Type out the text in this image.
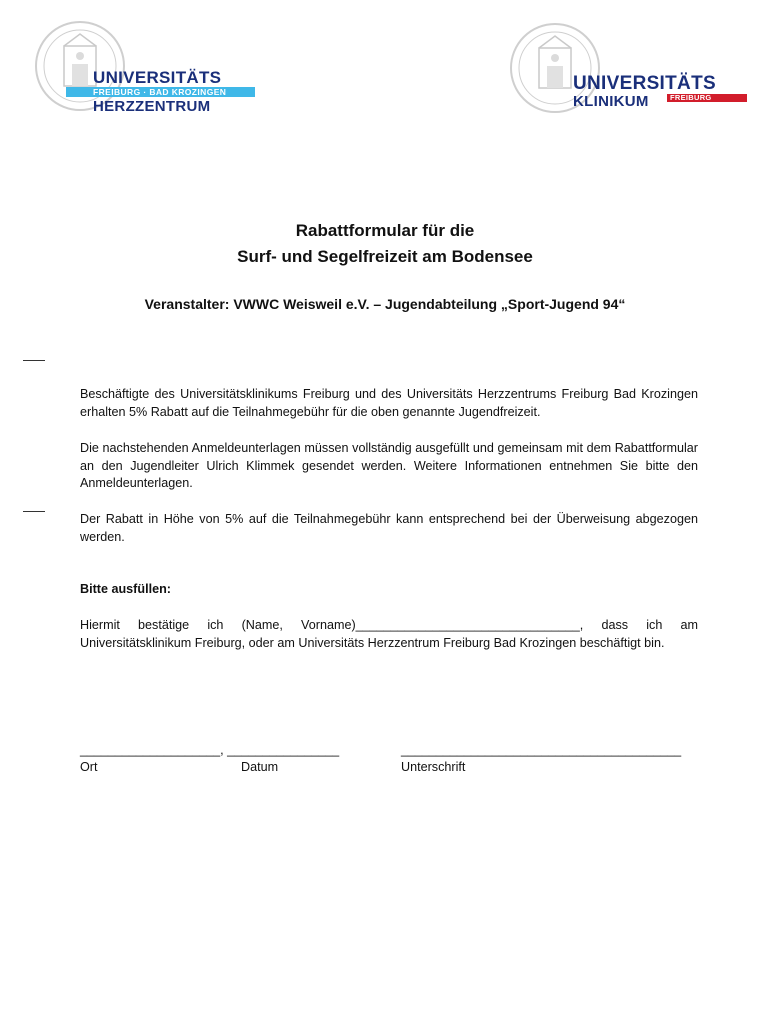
UNIVERSITÄTS
FREIBURG · BAD KROZINGEN
HERZZENTRUM
UNIVERSITÄTS
KLINIKUM	FREIBURG
Rabattformular für die
Surf- und Segelfreizeit am Bodensee
Veranstalter: VWWC Weisweil e.V. – Jugendabteilung „Sport-Jugend 94“
Beschäftigte des Universitätsklinikums Freiburg und des Universitäts Herzzentrums Freiburg Bad Krozingen erhalten 5% Rabatt auf die Teilnahmegebühr für die oben genannte Jugendfreizeit.
Die nachstehenden Anmeldeunterlagen müssen vollständig ausgefüllt und gemeinsam mit dem Rabattformular an den Jugendleiter Ulrich Klimmek gesendet werden. Weitere Informationen entnehmen Sie bitte den Anmeldeunterlagen.
Der Rabatt in Höhe von 5% auf die Teilnahmegebühr kann entsprechend bei der Überweisung abgezogen werden.
Bitte ausfüllen:
Hiermit bestätige ich (Name, Vorname)________________________________, dass ich am Universitätsklinikum Freiburg, oder am Universitäts Herzzentrum Freiburg Bad Krozingen beschäftigt bin.
____________________, ________________	________________________________________
Ort	Datum	Unterschrift
